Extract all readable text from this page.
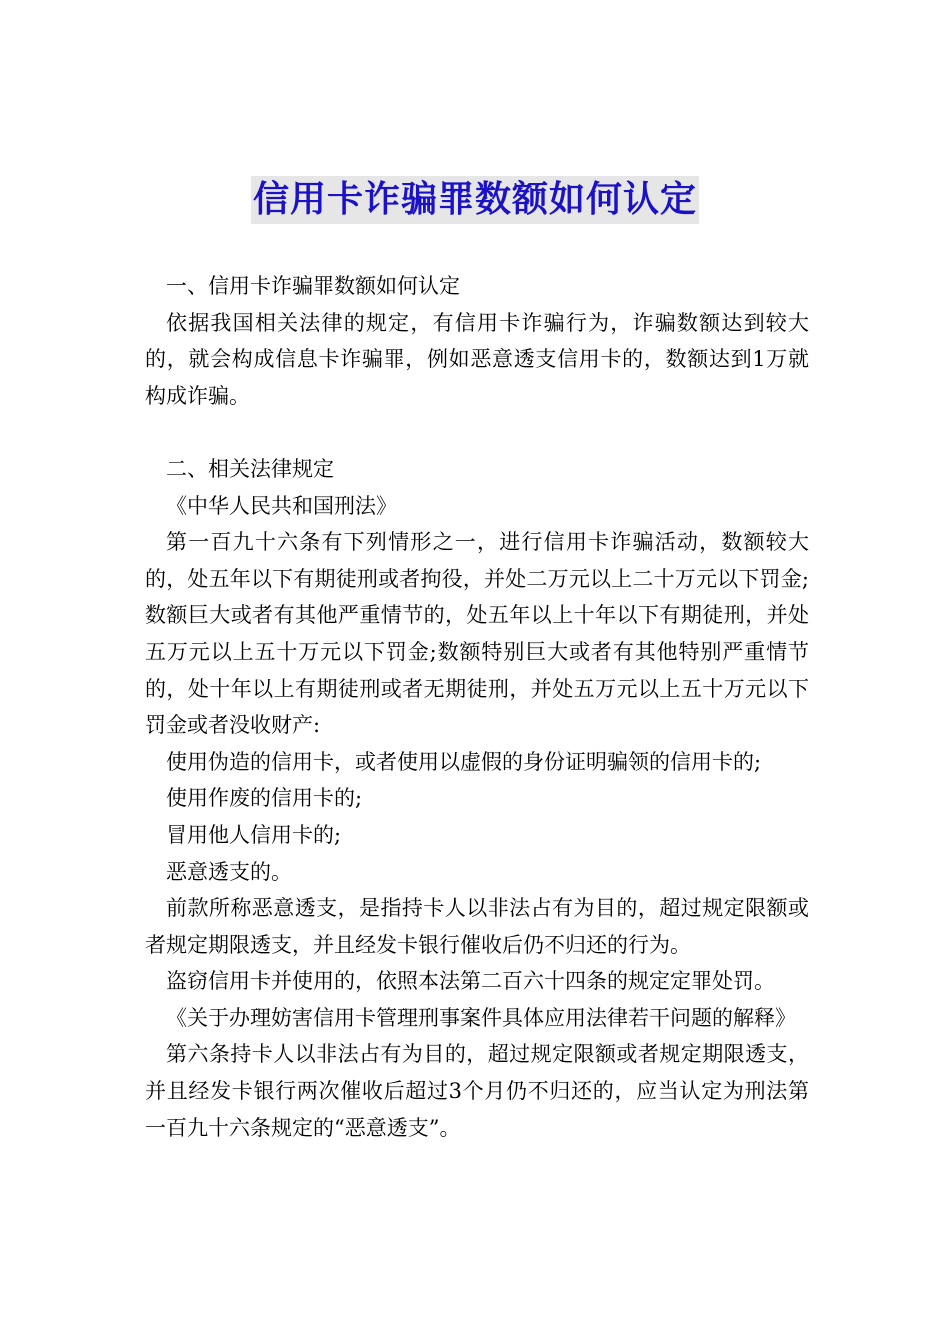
信用卡诈骗罪数额如何认定

一、信用卡诈骗罪数额如何认定

依据我国相关法律的规定，有信用卡诈骗行为，诈骗数额达到较大的，就会构成信息卡诈骗罪，例如恶意透支信用卡的，数额达到1万就构成诈骗。

二、相关法律规定

《中华人民共和国刑法》

第一百九十六条有下列情形之一，进行信用卡诈骗活动，数额较大的，处五年以下有期徒刑或者拘役，并处二万元以上二十万元以下罚金;数额巨大或者有其他严重情节的，处五年以上十年以下有期徒刑，并处五万元以上五十万元以下罚金;数额特别巨大或者有其他特别严重情节的，处十年以上有期徒刑或者无期徒刑，并处五万元以上五十万元以下罚金或者没收财产:

使用伪造的信用卡，或者使用以虚假的身份证明骗领的信用卡的;

使用作废的信用卡的;

冒用他人信用卡的;

恶意透支的。

前款所称恶意透支，是指持卡人以非法占有为目的，超过规定限额或者规定期限透支，并且经发卡银行催收后仍不归还的行为。

盗窃信用卡并使用的，依照本法第二百六十四条的规定定罪处罚。

《关于办理妨害信用卡管理刑事案件具体应用法律若干问题的解释》

第六条持卡人以非法占有为目的，超过规定限额或者规定期限透支，并且经发卡银行两次催收后超过3个月仍不归还的，应当认定为刑法第一百九十六条规定的“恶意透支”。
